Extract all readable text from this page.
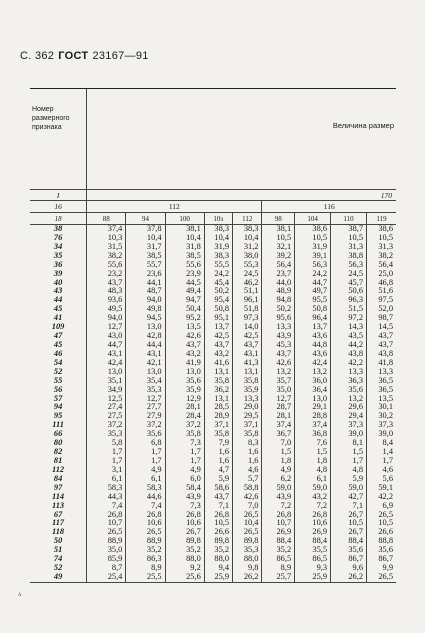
С. 362 ГОСТ 23167—91

Номер размерного признака	Величина размер								
I	170								
16	112					116			
18	88	94	100	10ɜ	112	98	104	110	119
38	37,4	37,8	38,1	38,3	38,3	38,1	38,6	38,7	38,6
76	10,3	10,4	10,4	10,4	10,4	10,5	10,5	10,5	10,5
34	31,5	31,7	31,8	31,9	31,2	32,1	31,9	31,3	31,3
35	38,2	38,5	38,5	38,3	38,0	39,2	39,1	38,8	38,2
36	55,6	55,7	55,6	55,5	55,3	56,4	56,3	56,3	56,4
39	23,2	23,6	23,9	24,2	24,5	23,7	24,2	24,5	25,0
40	43,7	44,1	44,5	45,4	46,2	44,0	44,7	45,7	46,8
43	48,3	48,7	49,4	50,2	51,1	48,9	49,7	50,6	51,6
44	93,6	94,0	94,7	95,4	96,1	94,8	95,5	96,3	97,5
45	49,5	49,8	50,4	50,8	51,8	50,2	50,8	51,5	52,0
41	94,0	94,5	95,2	95,1	97,3	95,6	96,4	97,2	98,7
109	12,7	13,0	13,5	13,7	14,0	13,3	13,7	14,3	14,5
47	43,0	42,8	42,6	42,5	42,5	43,9	43,6	43,5	43,7
45	44,7	44,4	43,7	43,7	43,7	45,3	44,8	44,2	43,7
46	43,1	43,1	43,2	43,2	43,1	43,7	43,6	43,8	43,8
54	42,4	42,1	41,9	41,6	41,3	42,6	42,4	42,2	41,8
52	13,0	13,0	13,0	13,1	13,1	13,2	13,2	13,3	13,3
55	35,1	35,4	35,6	35,8	35,8	35,7	36,0	36,3	36,5
56	34,9	35,3	35,9	36,2	35,9	35,0	36,4	35,6	36,5
57	12,5	12,7	12,9	13,1	13,3	12,7	13,0	13,2	13,5
94	27,4	27,7	28,1	28,5	29,0	28,7	29,1	29,6	30,1
95	27,5	27,9	28,4	28,9	29,5	28,1	28,8	29,4	30,2
111	37,2	37,2	37,2	37,1	37,1	37,4	37,4	37,3	37,3
66	35,3	35,6	35,8	35,8	35,8	36,7	36,8	39,0	39,0
80	5,8	6,8	7,3	7,9	8,3	7,0	7,6	8,1	8,4
82	1,7	1,7	1,7	1,6	1,6	1,5	1,5	1,5	1,4
81	1,7	1,7	1,7	1,6	1,6	1,8	1,8	1,7	1,7
112	3,1	4,9	4,9	4,7	4,6	4,9	4,8	4,8	4,6
84	6,1	6,1	6,0	5,9	5,7	6,2	6,1	5,9	5,6
97	58,3	58,3	58,4	58,6	58,8	59,0	59,0	59,0	59,1
114	44,3	44,6	43,9	43,7	42,6	43,9	43,2	42,7	42,2
113	7,4	7,4	7,3	7,1	7,0	7,2	7,2	7,1	6,9
67	26,8	26,8	26,8	26,8	26,5	26,8	26,8	26,7	26,5
117	10,7	10,6	10,6	10,5	10,4	10,7	10,6	10,5	10,5
118	26,5	26,5	26,7	26,6	26,5	26,9	26,9	26,7	26,6
50	88,9	88,9	89,8	89,8	89,8	88,4	88,4	88,4	88,8
51	35,0	35,2	35,2	35,2	35,3	35,2	35,5	35,6	35,6
74	85,9	86,3	88,0	88,0	88,0	86,5	86,5	86,7	86,7
52	8,7	8,9	9,2	9,4	9,8	8,9	9,3	9,6	9,9
49	25,4	25,5	25,6	25,9	26,2	25,7	25,9	26,2	26,5

ʌ
